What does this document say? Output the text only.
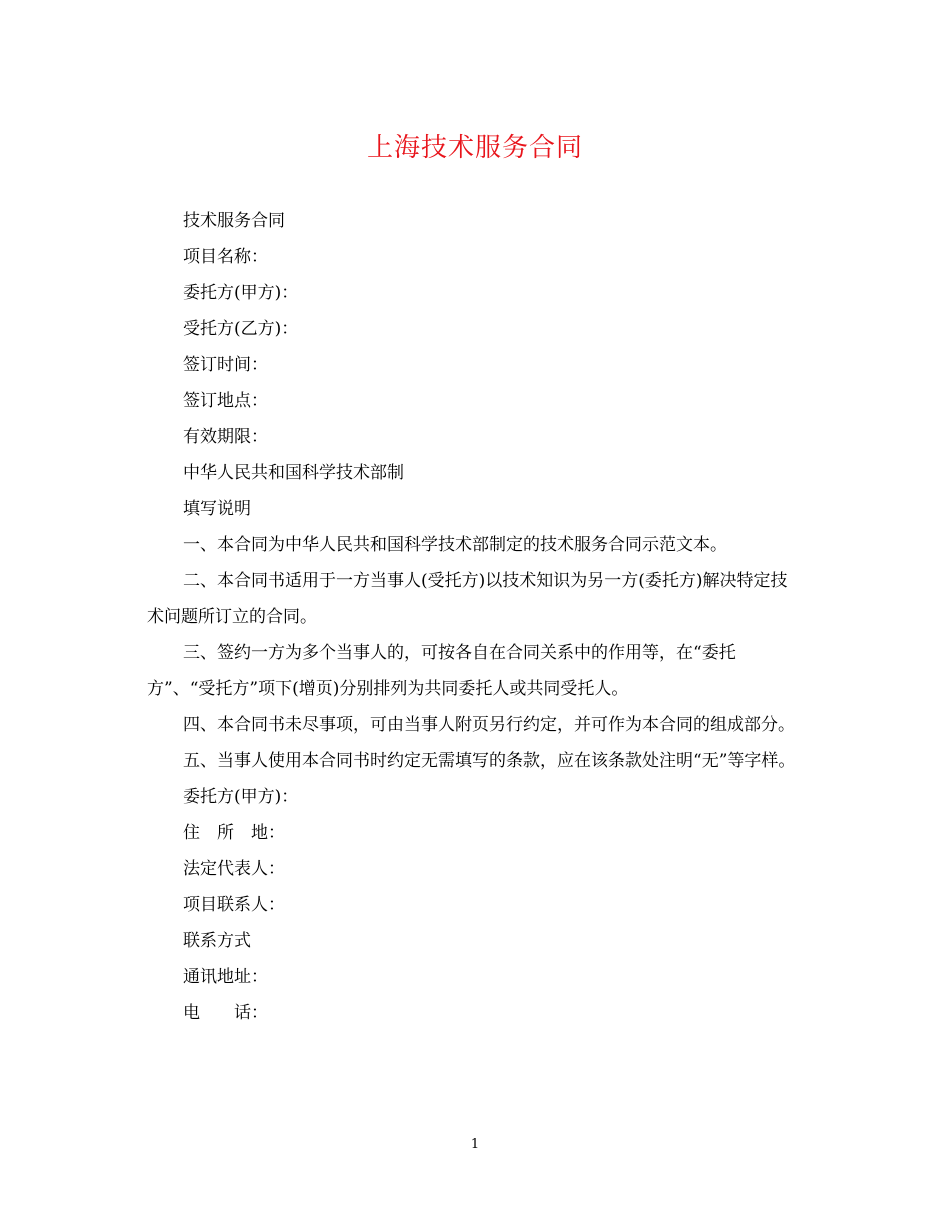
上海技术服务合同

技术服务合同

项目名称：

委托方(甲方)：

受托方(乙方)：

签订时间：

签订地点：

有效期限：

中华人民共和国科学技术部制

填写说明

一、本合同为中华人民共和国科学技术部制定的技术服务合同示范文本。

二、本合同书适用于一方当事人(受托方)以技术知识为另一方(委托方)解决特定技术问题所订立的合同。

三、签约一方为多个当事人的，可按各自在合同关系中的作用等，在“委托方”、“受托方”项下(增页)分别排列为共同委托人或共同受托人。

四、本合同书未尽事项，可由当事人附页另行约定，并可作为本合同的组成部分。

五、当事人使用本合同书时约定无需填写的条款，应在该条款处注明“无”等字样。

委托方(甲方)：

住　所　地：

法定代表人：

项目联系人：

联系方式

通讯地址：

电　　话：

1
